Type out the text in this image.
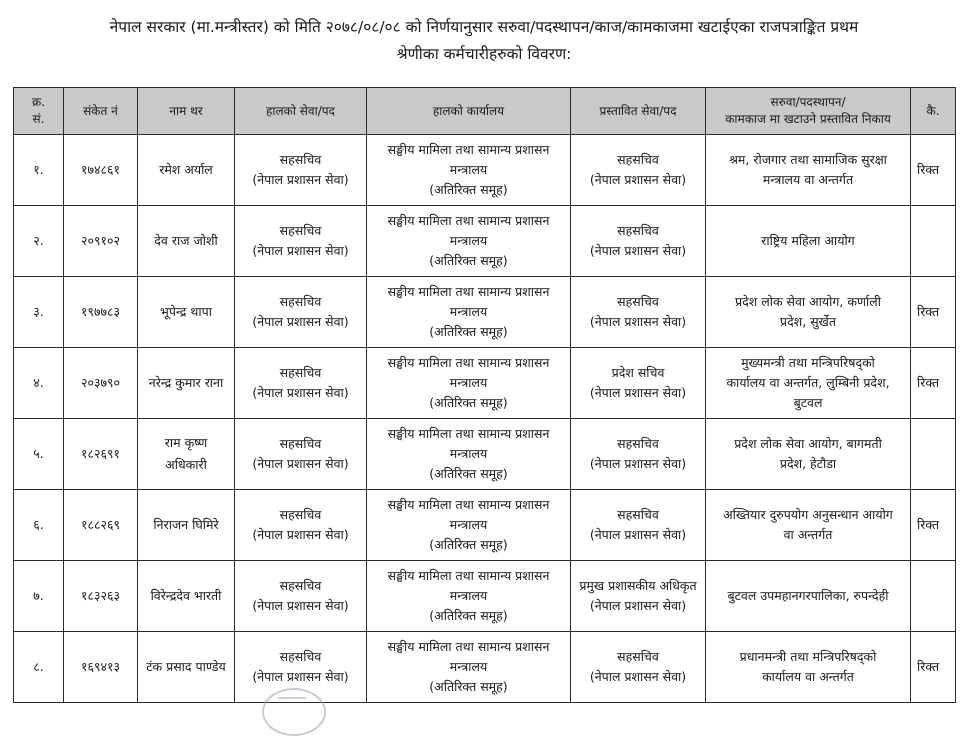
नेपाल सरकार (मा.मन्त्रीस्तर) को मिति २०७८/०८/०८ को निर्णयानुसार सरुवा/पदस्थापन/काज/कामकाजमा खटाईएका राजपत्राङ्कित प्रथम
श्रेणीका कर्मचारीहरुको विवरण:
क्र.
सं.	संकेत नं	नाम थर	हालको सेवा/पद	हालको कार्यालय	प्रस्तावित सेवा/पद	सरुवा/पदस्थापन/
कामकाज मा खटाउने प्रस्तावित निकाय	कै.
१.	१७४८६१	रमेश अर्याल	सहसचिव
(नेपाल प्रशासन सेवा)	सङ्घीय मामिला तथा सामान्य प्रशासन
मन्त्रालय
(अतिरिक्त समूह)	सहसचिव
(नेपाल प्रशासन सेवा)	श्रम, रोजगार तथा सामाजिक सुरक्षा
मन्त्रालय वा अन्तर्गत	रिक्त
२.	२०९१०२	देव राज जोशी	सहसचिव
(नेपाल प्रशासन सेवा)	सङ्घीय मामिला तथा सामान्य प्रशासन
मन्त्रालय
(अतिरिक्त समूह)	सहसचिव
(नेपाल प्रशासन सेवा)	राष्ट्रिय महिला आयोग	

३.	१९७७८३	भूपेन्द्र थापा	सहसचिव
(नेपाल प्रशासन सेवा)	सङ्घीय मामिला तथा सामान्य प्रशासन
मन्त्रालय
(अतिरिक्त समूह)	सहसचिव
(नेपाल प्रशासन सेवा)	प्रदेश लोक सेवा आयोग, कर्णाली
प्रदेश, सुर्खेत	रिक्त
४.	२०३७९०	नरेन्द्र कुमार राना	सहसचिव
(नेपाल प्रशासन सेवा)	सङ्घीय मामिला तथा सामान्य प्रशासन
मन्त्रालय
(अतिरिक्त समूह)	प्रदेश सचिव
(नेपाल प्रशासन सेवा)	मुख्यमन्त्री तथा मन्त्रिपरिषद्को
कार्यालय वा अन्तर्गत, लुम्बिनी प्रदेश,
बुटवल	रिक्त
५.	१८२६९१	राम कृष्ण
अधिकारी	सहसचिव
(नेपाल प्रशासन सेवा)	सङ्घीय मामिला तथा सामान्य प्रशासन
मन्त्रालय
(अतिरिक्त समूह)	सहसचिव
(नेपाल प्रशासन सेवा)	प्रदेश लोक सेवा आयोग, बागमती
प्रदेश, हेटौडा	

६.	१८८२६९	निराजन घिमिरे	सहसचिव
(नेपाल प्रशासन सेवा)	सङ्घीय मामिला तथा सामान्य प्रशासन
मन्त्रालय
(अतिरिक्त समूह)	सहसचिव
(नेपाल प्रशासन सेवा)	अख्तियार दुरुपयोग अनुसन्धान आयोग
वा अन्तर्गत	रिक्त
७.	१८३२६३	विरेन्द्रदेव भारती	सहसचिव
(नेपाल प्रशासन सेवा)	सङ्घीय मामिला तथा सामान्य प्रशासन
मन्त्रालय
(अतिरिक्त समूह)	प्रमुख प्रशासकीय अधिकृत
(नेपाल प्रशासन सेवा)	बुटवल उपमहानगरपालिका, रुपन्देही	

८.	१६९४१३	टंक प्रसाद पाण्डेय	सहसचिव
(नेपाल प्रशासन सेवा)	सङ्घीय मामिला तथा सामान्य प्रशासन
मन्त्रालय
(अतिरिक्त समूह)	सहसचिव
(नेपाल प्रशासन सेवा)	प्रधानमन्त्री तथा मन्त्रिपरिषद्को
कार्यालय वा अन्तर्गत	रिक्त
